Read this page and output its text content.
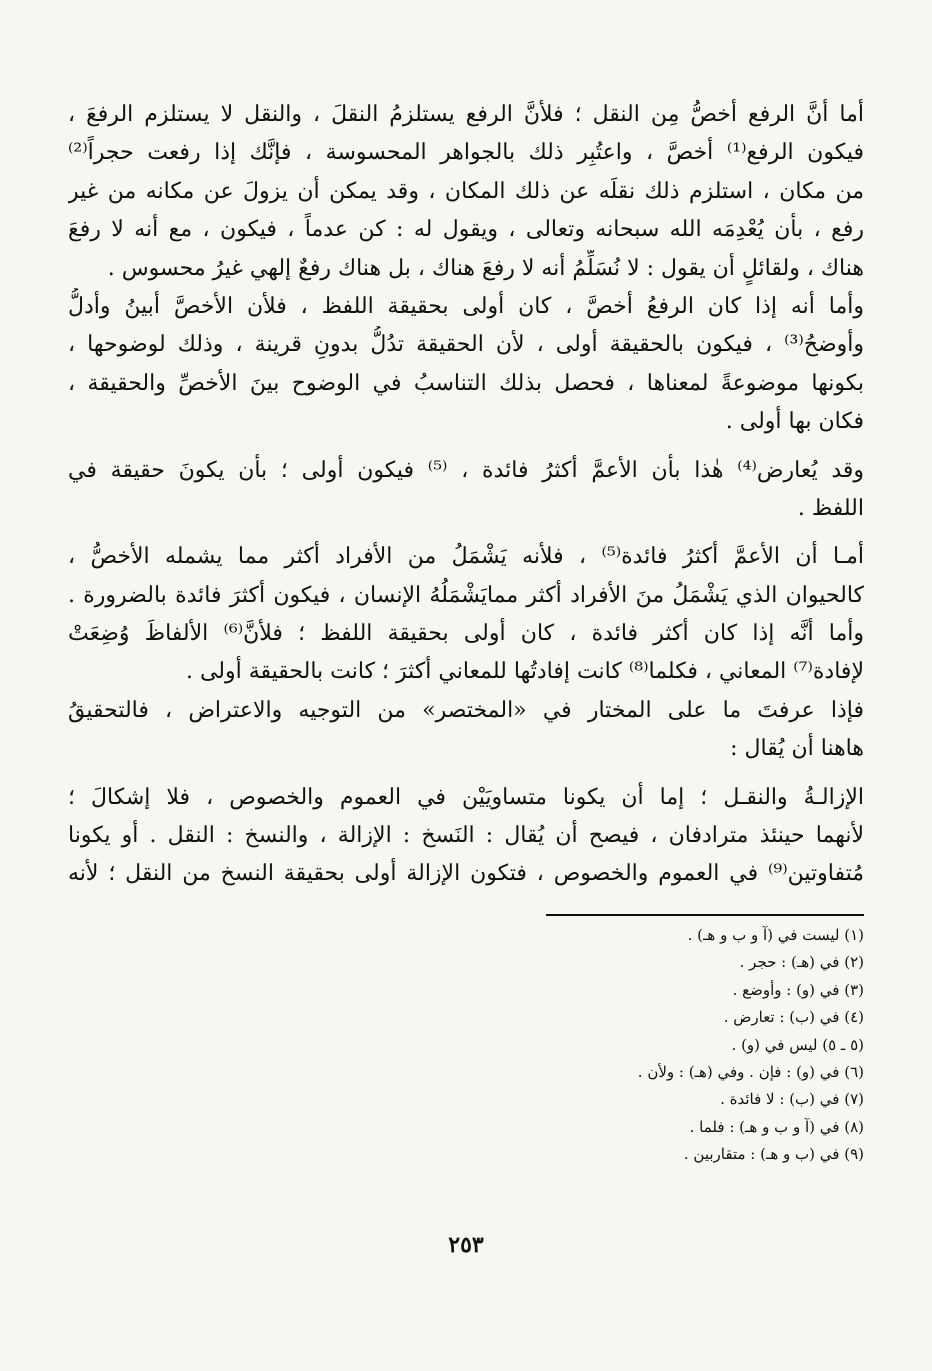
أما أنَّ الرفع أخصُّ مِن النقل ؛ فلأنَّ الرفع يستلزمُ النقلَ ، والنقل لا يستلزم الرفعَ ،
فيكون الرفع⁽¹⁾ أخصَّ ، واعتُبِر ذلك بالجواهر المحسوسة ، فإنَّك إذا رفعت حجراً⁽²⁾
من مكان ، استلزم ذلك نقلَه عن ذلك المكان ، وقد يمكن أن يزولَ عن مكانه من غير
رفع ، بأن يُعْدِمَه الله سبحانه وتعالى ، ويقول له : كن عدماً ، فيكون ، مع أنه لا رفعَ
هناك ، ولقائلٍ أن يقول : لا نُسَلِّمُ أنه لا رفعَ هناك ، بل هناك رفعٌ إلهي غيرُ محسوس .
وأما أنه إذا كان الرفعُ أخصَّ ، كان أولى بحقيقة اللفظ ، فلأن الأخصَّ أبينُ وأدلُّ
وأوضحُ⁽³⁾ ، فيكون بالحقيقة أولى ، لأن الحقيقة تدُلُّ بدونِ قرينة ، وذلك لوضوحها ،
بكونها موضوعةً لمعناها ، فحصل بذلك التناسبُ في الوضوح بينَ الأخصِّ والحقيقة ،
فكان بها أولى .
وقد يُعارض⁽⁴⁾ هٰذا بأن الأعمَّ أكثرُ فائدة ، ⁽⁵⁾ فيكون أولى ؛ بأن يكونَ حقيقة في
اللفظ .
أمـا أن الأعمَّ أكثرُ فائدة⁽⁵⁾ ، فلأنه يَشْمَلُ من الأفراد أكثر مما يشمله الأخصُّ ،
كالحيوان الذي يَشْمَلُ منَ الأفراد أكثر ممايَشْمَلُهُ الإنسان ، فيكون أكثرَ فائدة بالضرورة .
وأما أنَّه إذا كان أكثر فائدة ، كان أولى بحقيقة اللفظ ؛ فلأنَّ⁽⁶⁾ الألفاظَ وُضِعَتْ
لإفادة⁽⁷⁾ المعاني ، فكلما⁽⁸⁾ كانت إفادتُها للمعاني أكثرَ ؛ كانت بالحقيقة أولى .
فإذا عرفتَ ما على المختار في «المختصر» من التوجيه والاعتراض ، فالتحقيقُ
هاهنا أن يُقال :
الإزالـةُ والنقـل ؛ إما أن يكونا متساويَيْن في العموم والخصوص ، فلا إشكالَ ؛
لأنهما حينئذ مترادفان ، فيصح أن يُقال : النَسخ : الإزالة ، والنسخ : النقل . أو يكونا
مُتفاوتين⁽⁹⁾ في العموم والخصوص ، فتكون الإزالة أولى بحقيقة النسخ من النقل ؛ لأنه
(١) ليست في (آ و ب و هـ) .
(٢) في (هـ) : حجر .
(٣) في (و) : وأوضع .
(٤) في (ب) : تعارض .
(٥ ـ ٥) ليس في (و) .
(٦) في (و) : فإن . وفي (هـ) : ولأن .
(٧) في (ب) : لا فائدة .
(٨) في (آ و ب و هـ) : فلما .
(٩) في (ب و هـ) : متقاربين .
٢٥٣
